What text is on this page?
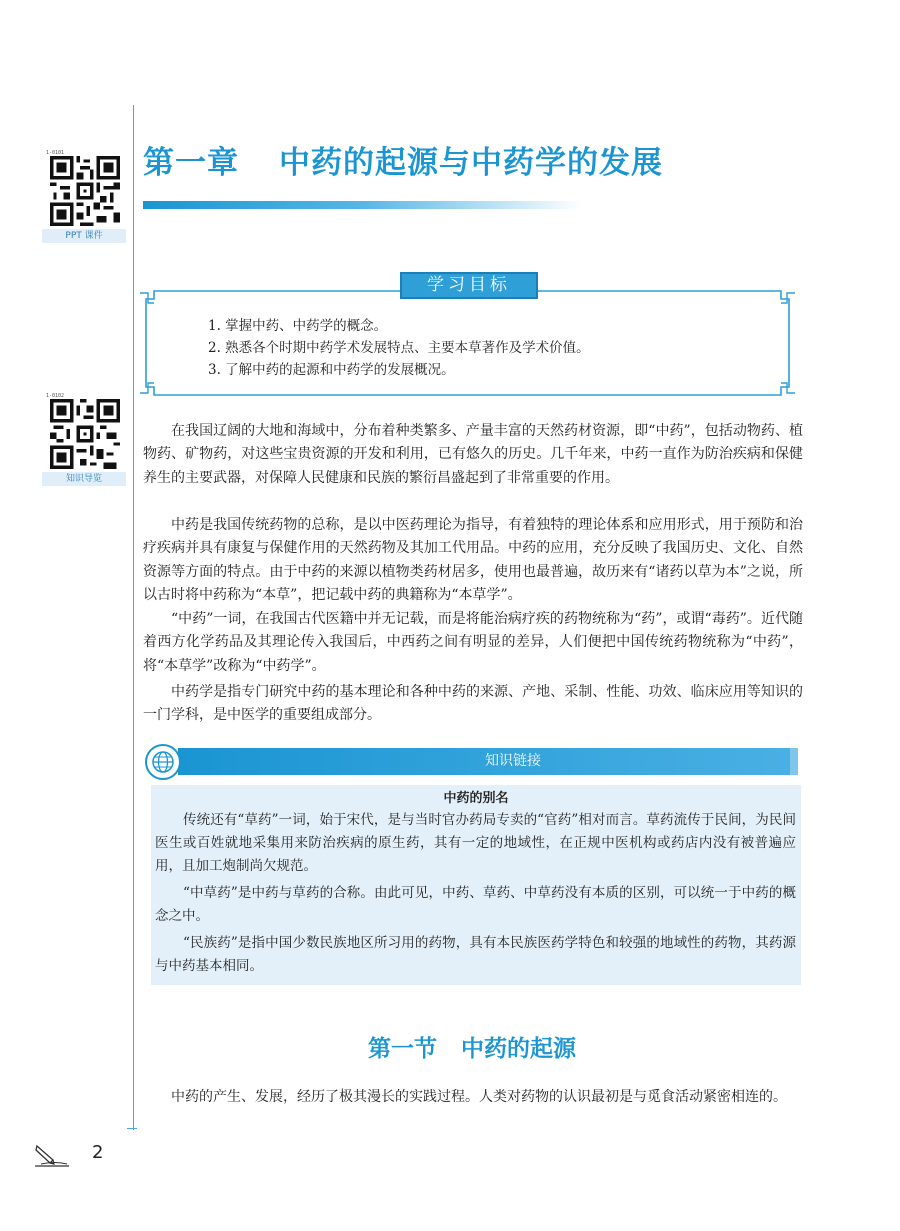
1-0101
PPT 课件
1-0102
知识导览
第一章 中药的起源与中药学的发展
学习目标
1. 掌握中药、中药学的概念。
2. 熟悉各个时期中药学术发展特点、主要本草著作及学术价值。
3. 了解中药的起源和中药学的发展概况。

在我国辽阔的大地和海域中，分布着种类繁多、产量丰富的天然药材资源，即“中药”，包括动物药、植物药、矿物药，对这些宝贵资源的开发和利用，已有悠久的历史。几千年来，中药一直作为防治疾病和保健养生的主要武器，对保障人民健康和民族的繁衍昌盛起到了非常重要的作用。

中药是我国传统药物的总称，是以中医药理论为指导，有着独特的理论体系和应用形式，用于预防和治疗疾病并具有康复与保健作用的天然药物及其加工代用品。中药的应用，充分反映了我国历史、文化、自然资源等方面的特点。由于中药的来源以植物类药材居多，使用也最普遍，故历来有“诸药以草为本”之说，所以古时将中药称为“本草”，把记载中药的典籍称为“本草学”。

“中药”一词，在我国古代医籍中并无记载，而是将能治病疗疾的药物统称为“药”，或谓“毒药”。近代随着西方化学药品及其理论传入我国后，中西药之间有明显的差异，人们便把中国传统药物统称为“中药”，将“本草学”改称为“中药学”。

中药学是指专门研究中药的基本理论和各种中药的来源、产地、采制、性能、功效、临床应用等知识的一门学科，是中医学的重要组成部分。

知识链接
中药的别名

传统还有“草药”一词，始于宋代，是与当时官办药局专卖的“官药”相对而言。草药流传于民间，为民间医生或百姓就地采集用来防治疾病的原生药，其有一定的地域性，在正规中医机构或药店内没有被普遍应用，且加工炮制尚欠规范。

“中草药”是中药与草药的合称。由此可见，中药、草药、中草药没有本质的区别，可以统一于中药的概念之中。

“民族药”是指中国少数民族地区所习用的药物，具有本民族医药学特色和较强的地域性的药物，其药源与中药基本相同。

第一节 中药的起源

中药的产生、发展，经历了极其漫长的实践过程。人类对药物的认识最初是与觅食活动紧密相连的。

2
